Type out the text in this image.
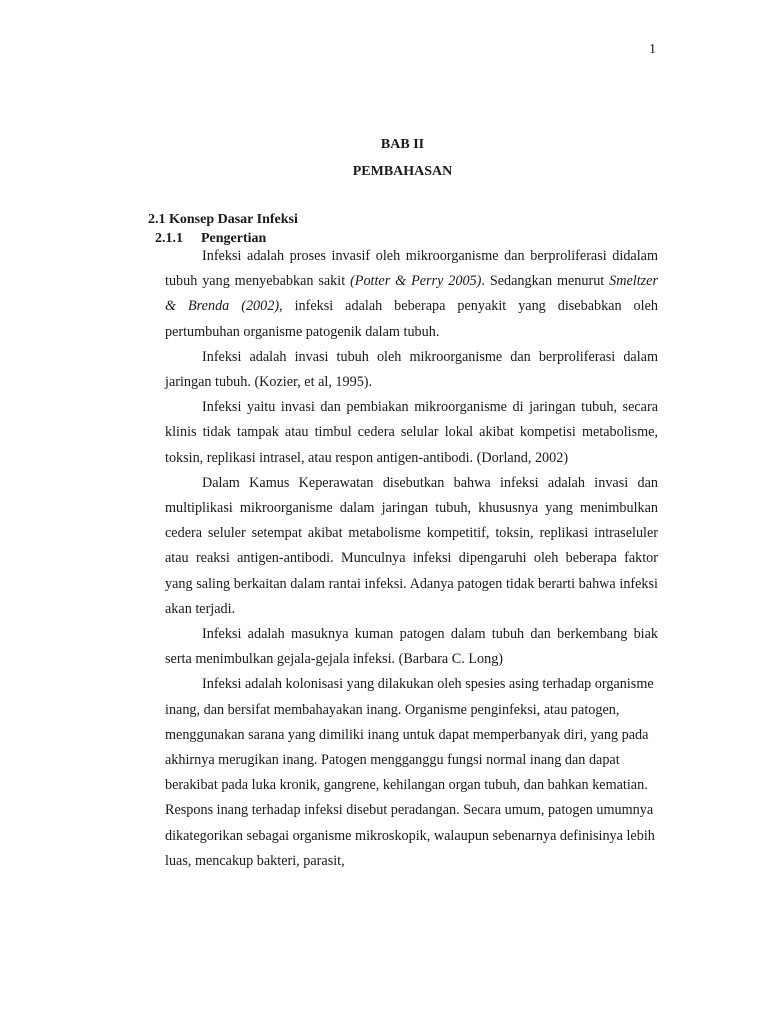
1
BAB II
PEMBAHASAN
2.1 Konsep Dasar Infeksi
2.1.1 Pengertian

Infeksi adalah proses invasif oleh mikroorganisme dan berproliferasi didalam tubuh yang menyebabkan sakit (Potter & Perry 2005). Sedangkan menurut Smeltzer & Brenda (2002), infeksi adalah beberapa penyakit yang disebabkan oleh pertumbuhan organisme patogenik dalam tubuh.

Infeksi adalah invasi tubuh oleh mikroorganisme dan berproliferasi dalam jaringan tubuh. (Kozier, et al, 1995).

Infeksi yaitu invasi dan pembiakan mikroorganisme di jaringan tubuh, secara klinis tidak tampak atau timbul cedera selular lokal akibat kompetisi metabolisme, toksin, replikasi intrasel, atau respon antigen-antibodi. (Dorland, 2002)

Dalam Kamus Keperawatan disebutkan bahwa infeksi adalah invasi dan multiplikasi mikroorganisme dalam jaringan tubuh, khususnya yang menimbulkan cedera seluler setempat akibat metabolisme kompetitif, toksin, replikasi intraseluler atau reaksi antigen-antibodi. Munculnya infeksi dipengaruhi oleh beberapa faktor yang saling berkaitan dalam rantai infeksi. Adanya patogen tidak berarti bahwa infeksi akan terjadi.

Infeksi adalah masuknya kuman patogen dalam tubuh dan berkembang biak serta menimbulkan gejala-gejala infeksi. (Barbara C. Long)

Infeksi adalah kolonisasi yang dilakukan oleh spesies asing terhadap organisme inang, dan bersifat membahayakan inang. Organisme penginfeksi, atau patogen, menggunakan sarana yang dimiliki inang untuk dapat memperbanyak diri, yang pada akhirnya merugikan inang. Patogen mengganggu fungsi normal inang dan dapat berakibat pada luka kronik, gangrene, kehilangan organ tubuh, dan bahkan kematian. Respons inang terhadap infeksi disebut peradangan. Secara umum, patogen umumnya dikategorikan sebagai organisme mikroskopik, walaupun sebenarnya definisinya lebih luas, mencakup bakteri, parasit,
